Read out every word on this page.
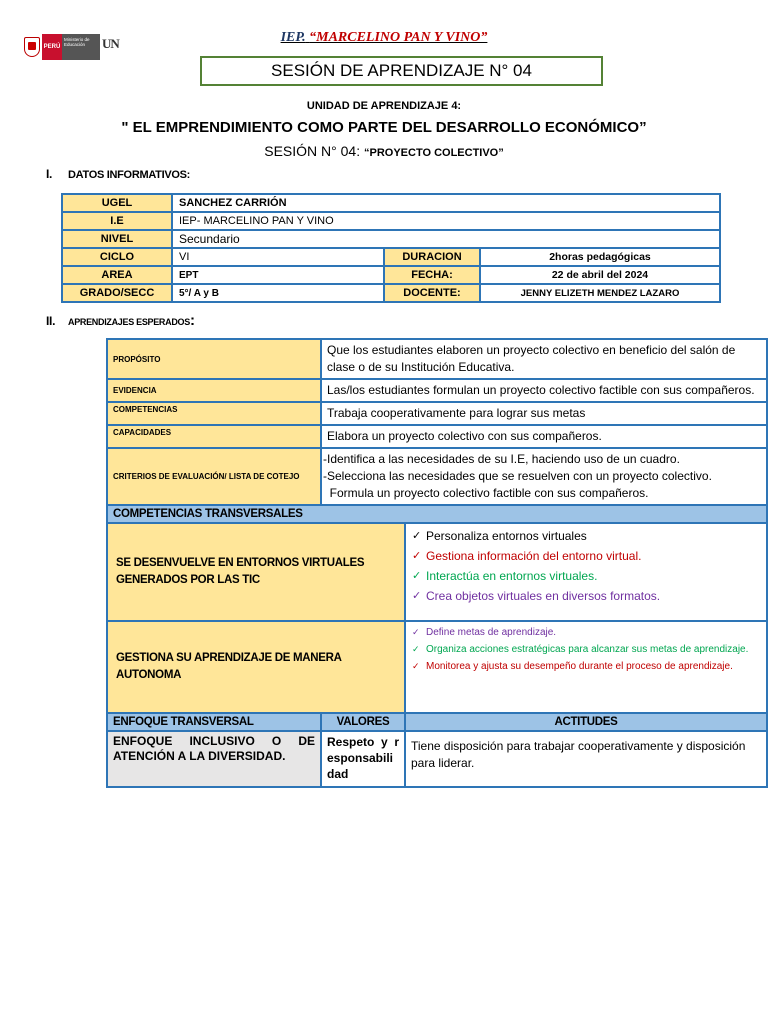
PERÚ
Ministerio de Educación	UN	IEP. “MARCELINO PAN Y VINO”
SESIÓN DE APRENDIZAJE N° 04
UNIDAD DE APRENDIZAJE 4:
" EL EMPRENDIMIENTO COMO PARTE DEL DESARROLLO ECONÓMICO”
SESIÓN N° 04: “PROYECTO COLECTIVO”
I. DATOS INFORMATIVOS:
UGEL	SANCHEZ CARRIÓN		
I.E	IEP- MARCELINO PAN Y VINO		
NIVEL	Secundario		
CICLO	VI	DURACION	2horas pedagógicas
AREA	EPT	FECHA:	22 de abril del 2024
GRADO/SECC	5°/ A y B	DOCENTE:	JENNY ELIZETH MENDEZ LAZARO
II. APRENDIZAJES ESPERADOS:
PROPÓSITO	Que los estudiantes elaboren un proyecto colectivo en beneficio del salón de clase o de su Institución Educativa.	
EVIDENCIA	Las/los estudiantes formulan un proyecto colectivo factible con sus compañeros.	
COMPETENCIAS	Trabaja cooperativamente para lograr sus metas	
CAPACIDADES	Elabora un proyecto colectivo con sus compañeros.	
CRITERIOS DE EVALUACIÓN/ LISTA DE COTEJO	-Identifica a las necesidades de su I.E, haciendo uso de un cuadro.
-Selecciona las necesidades que se resuelven con un proyecto colectivo.
Formula un proyecto colectivo factible con sus compañeros.	

COMPETENCIAS TRANSVERSALES		
SE DESENVUELVE EN ENTORNOS VIRTUALES GENERADOS POR LAS TIC		✓ Personaliza entornos virtuales
✓ Gestiona información del entorno virtual.
✓ Interactúa en entornos virtuales.
✓ Crea objetos virtuales en diversos formatos.

GESTIONA SU APRENDIZAJE DE MANERA AUTONOMA		✓ Define metas de aprendizaje.
✓ Organiza acciones estratégicas para alcanzar sus metas de aprendizaje.
✓ Monitorea y ajusta su desempeño durante el proceso de aprendizaje.

ENFOQUE TRANSVERSAL	VALORES	ACTITUDES
ENFOQUE INCLUSIVO O DE ATENCIÓN A LA DIVERSIDAD.	Respeto y responsabilidad	Tiene disposición para trabajar cooperativamente y disposición para liderar.
